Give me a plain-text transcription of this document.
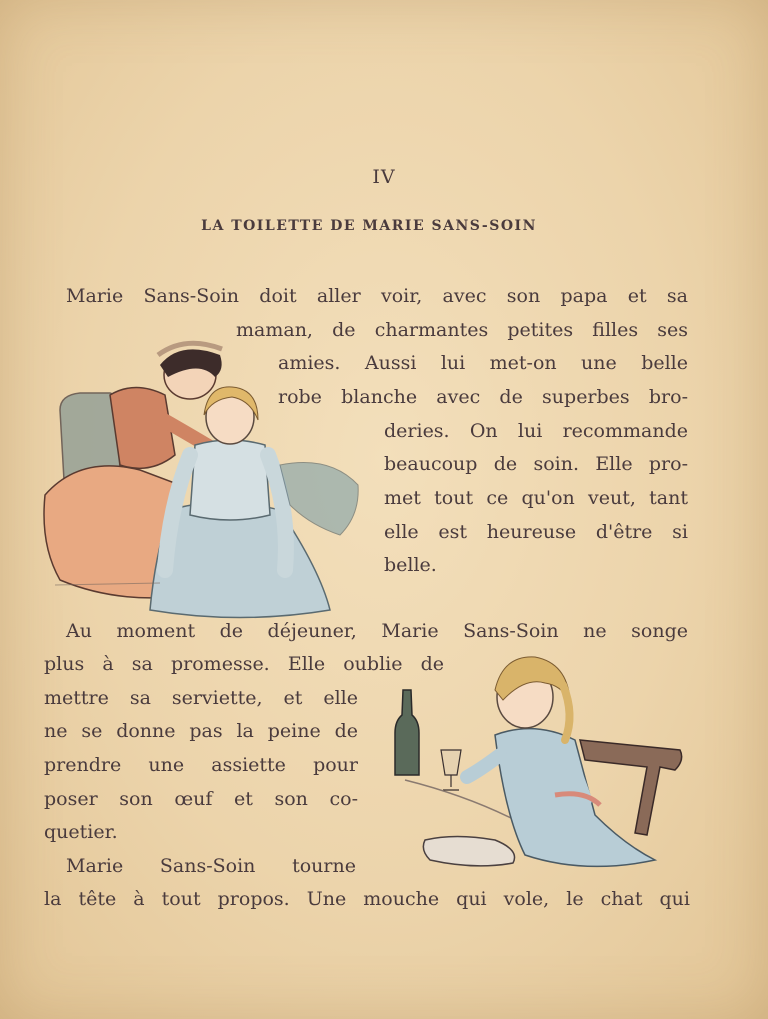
IV
LA TOILETTE DE MARIE SANS-SOIN
Marie Sans-Soin doit aller voir, avec son papa et sa
maman, de charmantes petites filles ses
amies. Aussi lui met-on une belle
robe blanche avec de superbes bro-
deries. On lui recommande
beaucoup de soin. Elle pro-
met tout ce qu'on veut, tant
elle est heureuse d'être si
belle.
Au moment de déjeuner, Marie Sans-Soin ne songe
plus à sa promesse. Elle oublie de
mettre sa serviette, et elle
ne se donne pas la peine de
prendre une assiette pour
poser son œuf et son co-
quetier.
Marie Sans-Soin tourne
la tête à tout propos. Une mouche qui vole, le chat qui
